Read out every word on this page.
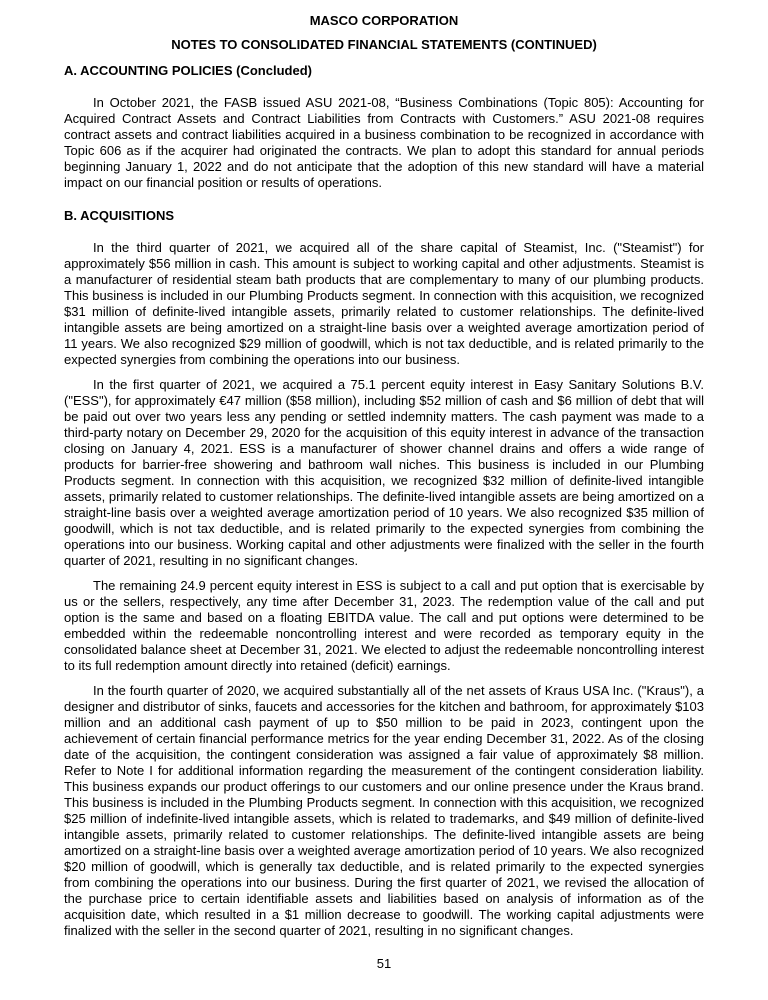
MASCO CORPORATION

NOTES TO CONSOLIDATED FINANCIAL STATEMENTS (CONTINUED)

A. ACCOUNTING POLICIES (Concluded)

In October 2021, the FASB issued ASU 2021-08, “Business Combinations (Topic 805): Accounting for Acquired Contract Assets and Contract Liabilities from Contracts with Customers.” ASU 2021-08 requires contract assets and contract liabilities acquired in a business combination to be recognized in accordance with Topic 606 as if the acquirer had originated the contracts. We plan to adopt this standard for annual periods beginning January 1, 2022 and do not anticipate that the adoption of this new standard will have a material impact on our financial position or results of operations.

B. ACQUISITIONS

In the third quarter of 2021, we acquired all of the share capital of Steamist, Inc. ("Steamist") for approximately $56 million in cash. This amount is subject to working capital and other adjustments. Steamist is a manufacturer of residential steam bath products that are complementary to many of our plumbing products. This business is included in our Plumbing Products segment. In connection with this acquisition, we recognized $31 million of definite-lived intangible assets, primarily related to customer relationships. The definite-lived intangible assets are being amortized on a straight-line basis over a weighted average amortization period of 11 years. We also recognized $29 million of goodwill, which is not tax deductible, and is related primarily to the expected synergies from combining the operations into our business.

In the first quarter of 2021, we acquired a 75.1 percent equity interest in Easy Sanitary Solutions B.V. ("ESS"), for approximately €47 million ($58 million), including $52 million of cash and $6 million of debt that will be paid out over two years less any pending or settled indemnity matters. The cash payment was made to a third-party notary on December 29, 2020 for the acquisition of this equity interest in advance of the transaction closing on January 4, 2021. ESS is a manufacturer of shower channel drains and offers a wide range of products for barrier-free showering and bathroom wall niches. This business is included in our Plumbing Products segment. In connection with this acquisition, we recognized $32 million of definite-lived intangible assets, primarily related to customer relationships. The definite-lived intangible assets are being amortized on a straight-line basis over a weighted average amortization period of 10 years. We also recognized $35 million of goodwill, which is not tax deductible, and is related primarily to the expected synergies from combining the operations into our business. Working capital and other adjustments were finalized with the seller in the fourth quarter of 2021, resulting in no significant changes.

The remaining 24.9 percent equity interest in ESS is subject to a call and put option that is exercisable by us or the sellers, respectively, any time after December 31, 2023. The redemption value of the call and put option is the same and based on a floating EBITDA value. The call and put options were determined to be embedded within the redeemable noncontrolling interest and were recorded as temporary equity in the consolidated balance sheet at December 31, 2021. We elected to adjust the redeemable noncontrolling interest to its full redemption amount directly into retained (deficit) earnings.

In the fourth quarter of 2020, we acquired substantially all of the net assets of Kraus USA Inc. ("Kraus"), a designer and distributor of sinks, faucets and accessories for the kitchen and bathroom, for approximately $103 million and an additional cash payment of up to $50 million to be paid in 2023, contingent upon the achievement of certain financial performance metrics for the year ending December 31, 2022. As of the closing date of the acquisition, the contingent consideration was assigned a fair value of approximately $8 million. Refer to Note I for additional information regarding the measurement of the contingent consideration liability. This business expands our product offerings to our customers and our online presence under the Kraus brand. This business is included in the Plumbing Products segment. In connection with this acquisition, we recognized $25 million of indefinite-lived intangible assets, which is related to trademarks, and $49 million of definite-lived intangible assets, primarily related to customer relationships. The definite-lived intangible assets are being amortized on a straight-line basis over a weighted average amortization period of 10 years. We also recognized $20 million of goodwill, which is generally tax deductible, and is related primarily to the expected synergies from combining the operations into our business. During the first quarter of 2021, we revised the allocation of the purchase price to certain identifiable assets and liabilities based on analysis of information as of the acquisition date, which resulted in a $1 million decrease to goodwill. The working capital adjustments were finalized with the seller in the second quarter of 2021, resulting in no significant changes.

51
